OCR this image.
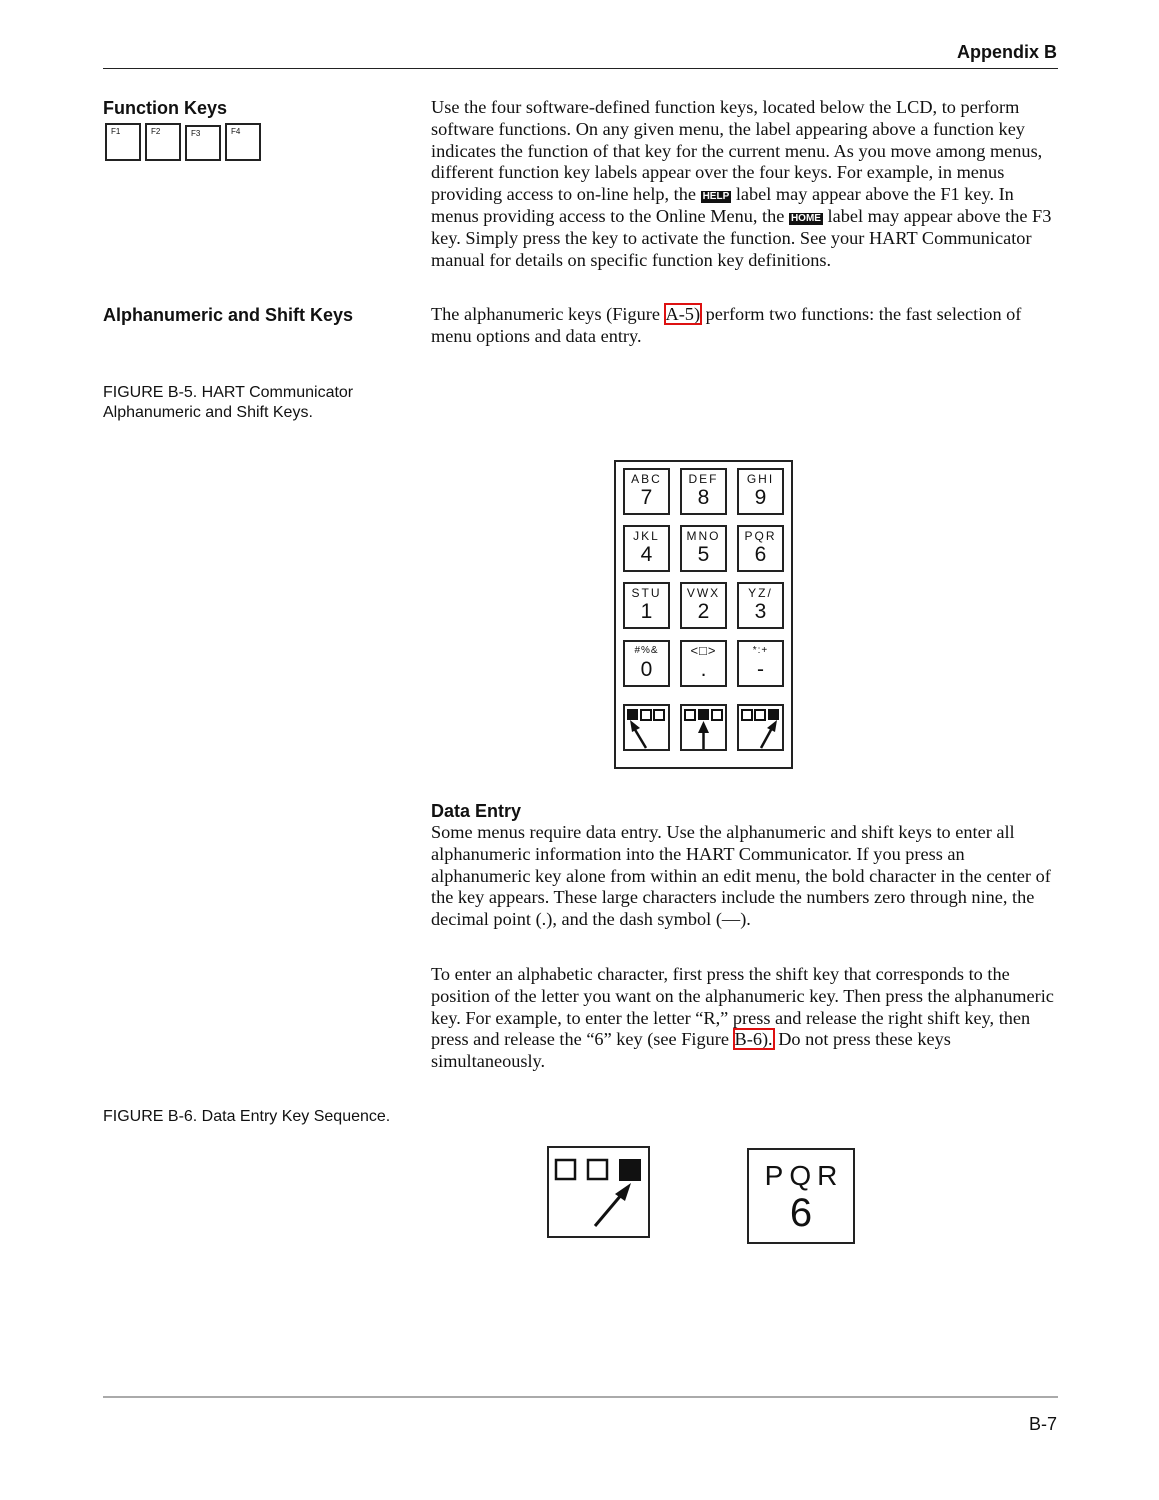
Appendix B
Function Keys
F1	F2	F3	F4

Use the four software-defined function keys, located below the LCD, to perform software functions. On any given menu, the label appearing above a function key indicates the function of that key for the current menu. As you move among menus, different function key labels appear over the four keys. For example, in menus providing access to on-line help, the HELP label may appear above the F1 key. In menus providing access to the Online Menu, the HOME label may appear above the F3 key. Simply press the key to activate the function. See your HART Communicator manual for details on specific function key definitions.

Alphanumeric and Shift Keys	The alphanumeric keys (Figure A-5) perform two functions: the fast selection of menu options and data entry.

FIGURE B-5. HART Communicator
Alphanumeric and Shift Keys.
ABC
7
DEF
8
GHI
9
JKL
4
MNO
5
PQR
6
STU
1
VWX
2
YZ/
3
#%&
0
<□>
.
*:+
-
Data Entry

Some menus require data entry. Use the alphanumeric and shift keys to enter all alphanumeric information into the HART Communicator. If you press an alphanumeric key alone from within an edit menu, the bold character in the center of the key appears. These large characters include the numbers zero through nine, the decimal point (.), and the dash symbol (—).

To enter an alphabetic character, first press the shift key that corresponds to the position of the letter you want on the alphanumeric key. Then press the alphanumeric key. For example, to enter the letter “R,” press and release the right shift key, then press and release the “6” key (see Figure B-6). Do not press these keys simultaneously.

FIGURE B-6. Data Entry Key Sequence.
PQR
6
B-7
